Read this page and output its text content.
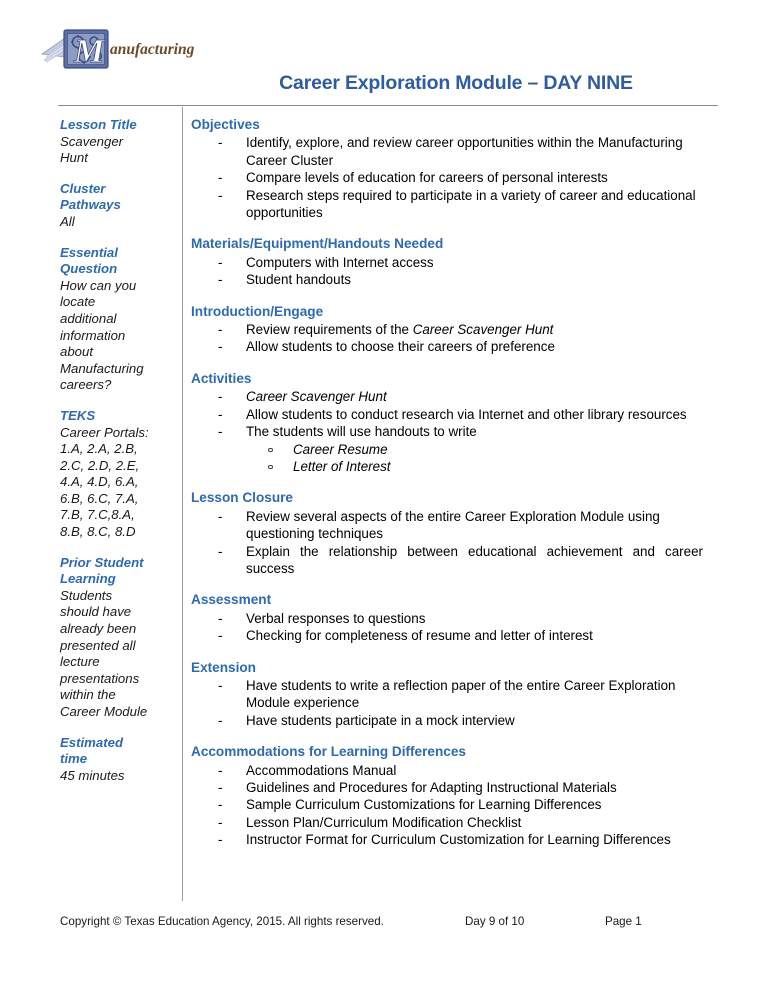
M anufacturing
Career Exploration Module – DAY NINE
Lesson Title
Scavenger
Hunt
Cluster
Pathways
All
Essential
Question
How can you
locate
additional
information
about
Manufacturing
careers?
TEKS
Career Portals:
1.A, 2.A, 2.B,
2.C, 2.D, 2.E,
4.A, 4.D, 6.A,
6.B, 6.C, 7.A,
7.B, 7.C,8.A,
8.B, 8.C, 8.D
Prior Student
Learning
Students
should have
already been
presented all
lecture
presentations
within the
Career Module
Estimated
time
45 minutes
Objectives
- Identify, explore, and review career opportunities within the Manufacturing Career Cluster
- Compare levels of education for careers of personal interests
- Research steps required to participate in a variety of career and educational opportunities
Materials/Equipment/Handouts Needed
- Computers with Internet access
- Student handouts
Introduction/Engage
- Review requirements of the Career Scavenger Hunt
- Allow students to choose their careers of preference
Activities
- Career Scavenger Hunt
- Allow students to conduct research via Internet and other library resources
- The students will use handouts to write
Career Resume
Letter of Interest
Lesson Closure
- Review several aspects of the entire Career Exploration Module using questioning techniques
- Explain the relationship between educational achievement and career success
Assessment
- Verbal responses to questions
- Checking for completeness of resume and letter of interest
Extension
- Have students to write a reflection paper of the entire Career Exploration Module experience
- Have students participate in a mock interview
Accommodations for Learning Differences
- Accommodations Manual
- Guidelines and Procedures for Adapting Instructional Materials
- Sample Curriculum Customizations for Learning Differences
- Lesson Plan/Curriculum Modification Checklist
- Instructor Format for Curriculum Customization for Learning Differences
Copyright © Texas Education Agency, 2015. All rights reserved.	Day 9 of 10	Page 1
